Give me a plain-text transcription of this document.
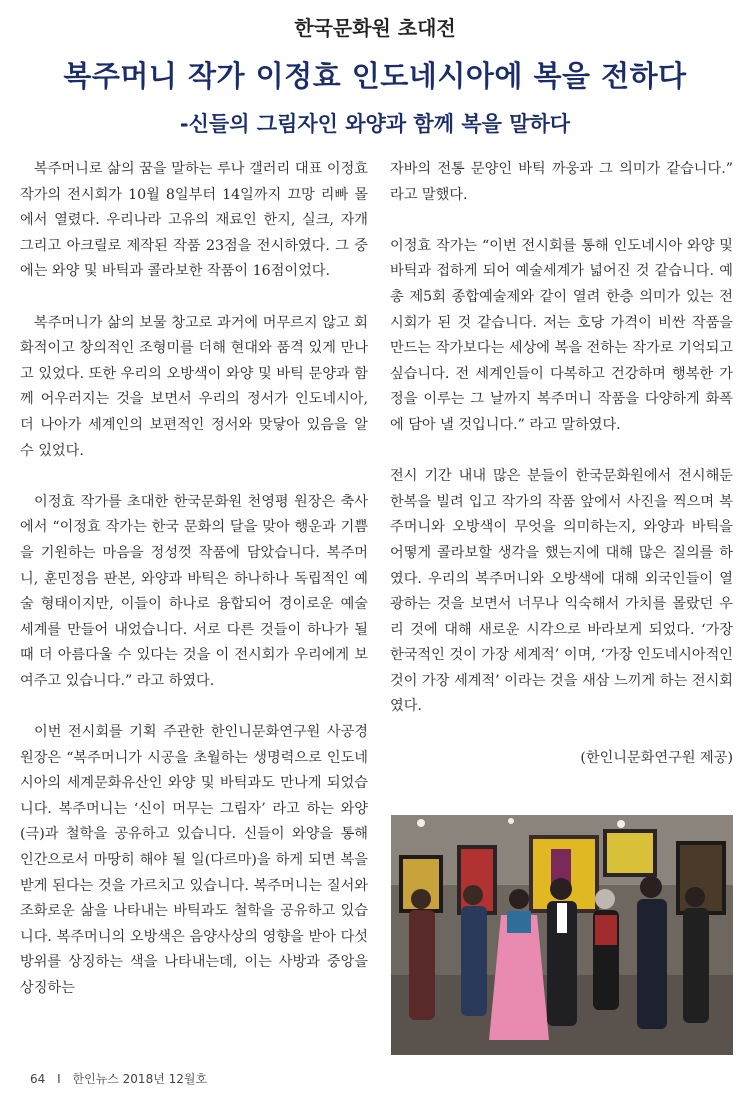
한국문화원 초대전
복주머니 작가 이정효 인도네시아에 복을 전하다
-신들의 그림자인 와양과 함께 복을 말하다

복주머니로 삶의 꿈을 말하는 루나 갤러리 대표 이정효 작가의 전시회가 10월 8일부터 14일까지 끄망 리빠 몰에서 열렸다. 우리나라 고유의 재료인 한지, 실크, 자개 그리고 아크릴로 제작된 작품 23점을 전시하였다. 그 중에는 와양 및 바틱과 콜라보한 작품이 16점이었다.

복주머니가 삶의 보물 창고로 과거에 머무르지 않고 회화적이고 창의적인 조형미를 더해 현대와 품격 있게 만나고 있었다. 또한 우리의 오방색이 와양 및 바틱 문양과 함께 어우러지는 것을 보면서 우리의 정서가 인도네시아, 더 나아가 세계인의 보편적인 정서와 맞닿아 있음을 알 수 있었다.

이정효 작가를 초대한 한국문화원 천영평 원장은 축사에서 “이정효 작가는 한국 문화의 달을 맞아 행운과 기쁨을 기원하는 마음을 정성껏 작품에 담았습니다. 복주머니, 훈민정음 판본, 와양과 바틱은 하나하나 독립적인 예술 형태이지만, 이들이 하나로 융합되어 경이로운 예술 세계를 만들어 내었습니다. 서로 다른 것들이 하나가 될 때 더 아름다울 수 있다는 것을 이 전시회가 우리에게 보여주고 있습니다.” 라고 하였다.

이번 전시회를 기획 주관한 한인니문화연구원 사공경 원장은 “복주머니가 시공을 초월하는 생명력으로 인도네시아의 세계문화유산인 와양 및 바틱과도 만나게 되었습니다. 복주머니는 ‘신이 머무는 그림자’ 라고 하는 와양(극)과 철학을 공유하고 있습니다. 신들이 와양을 통해 인간으로서 마땅히 해야 될 일(다르마)을 하게 되면 복을 받게 된다는 것을 가르치고 있습니다. 복주머니는 질서와 조화로운 삶을 나타내는 바틱과도 철학을 공유하고 있습니다. 복주머니의 오방색은 음양사상의 영향을 받아 다섯 방위를 상징하는 색을 나타내는데, 이는 사방과 중앙을 상징하는

자바의 전통 문양인 바틱 까웅과 그 의미가 같습니다.” 라고 말했다.

이정효 작가는 “이번 전시회를 통해 인도네시아 와양 및 바틱과 접하게 되어 예술세계가 넓어진 것 같습니다. 예총 제5회 종합예술제와 같이 열려 한층 의미가 있는 전시회가 된 것 같습니다. 저는 호당 가격이 비싼 작품을 만드는 작가보다는 세상에 복을 전하는 작가로 기억되고 싶습니다. 전 세계인들이 다복하고 건강하며 행복한 가정을 이루는 그 날까지 복주머니 작품을 다양하게 화폭에 담아 낼 것입니다.” 라고 말하였다.

전시 기간 내내 많은 분들이 한국문화원에서 전시해둔 한복을 빌려 입고 작가의 작품 앞에서 사진을 찍으며 복주머니와 오방색이 무엇을 의미하는지, 와양과 바틱을 어떻게 콜라보할 생각을 했는지에 대해 많은 질의를 하였다. 우리의 복주머니와 오방색에 대해 외국인들이 열광하는 것을 보면서 너무나 익숙해서 가치를 몰랐던 우리 것에 대해 새로운 시각으로 바라보게 되었다. ‘가장 한국적인 것이 가장 세계적’ 이며, ‘가장 인도네시아적인 것이 가장 세계적’ 이라는 것을 새삼 느끼게 하는 전시회였다.

(한인니문화연구원 제공)

64 I 한인뉴스 2018년 12월호
